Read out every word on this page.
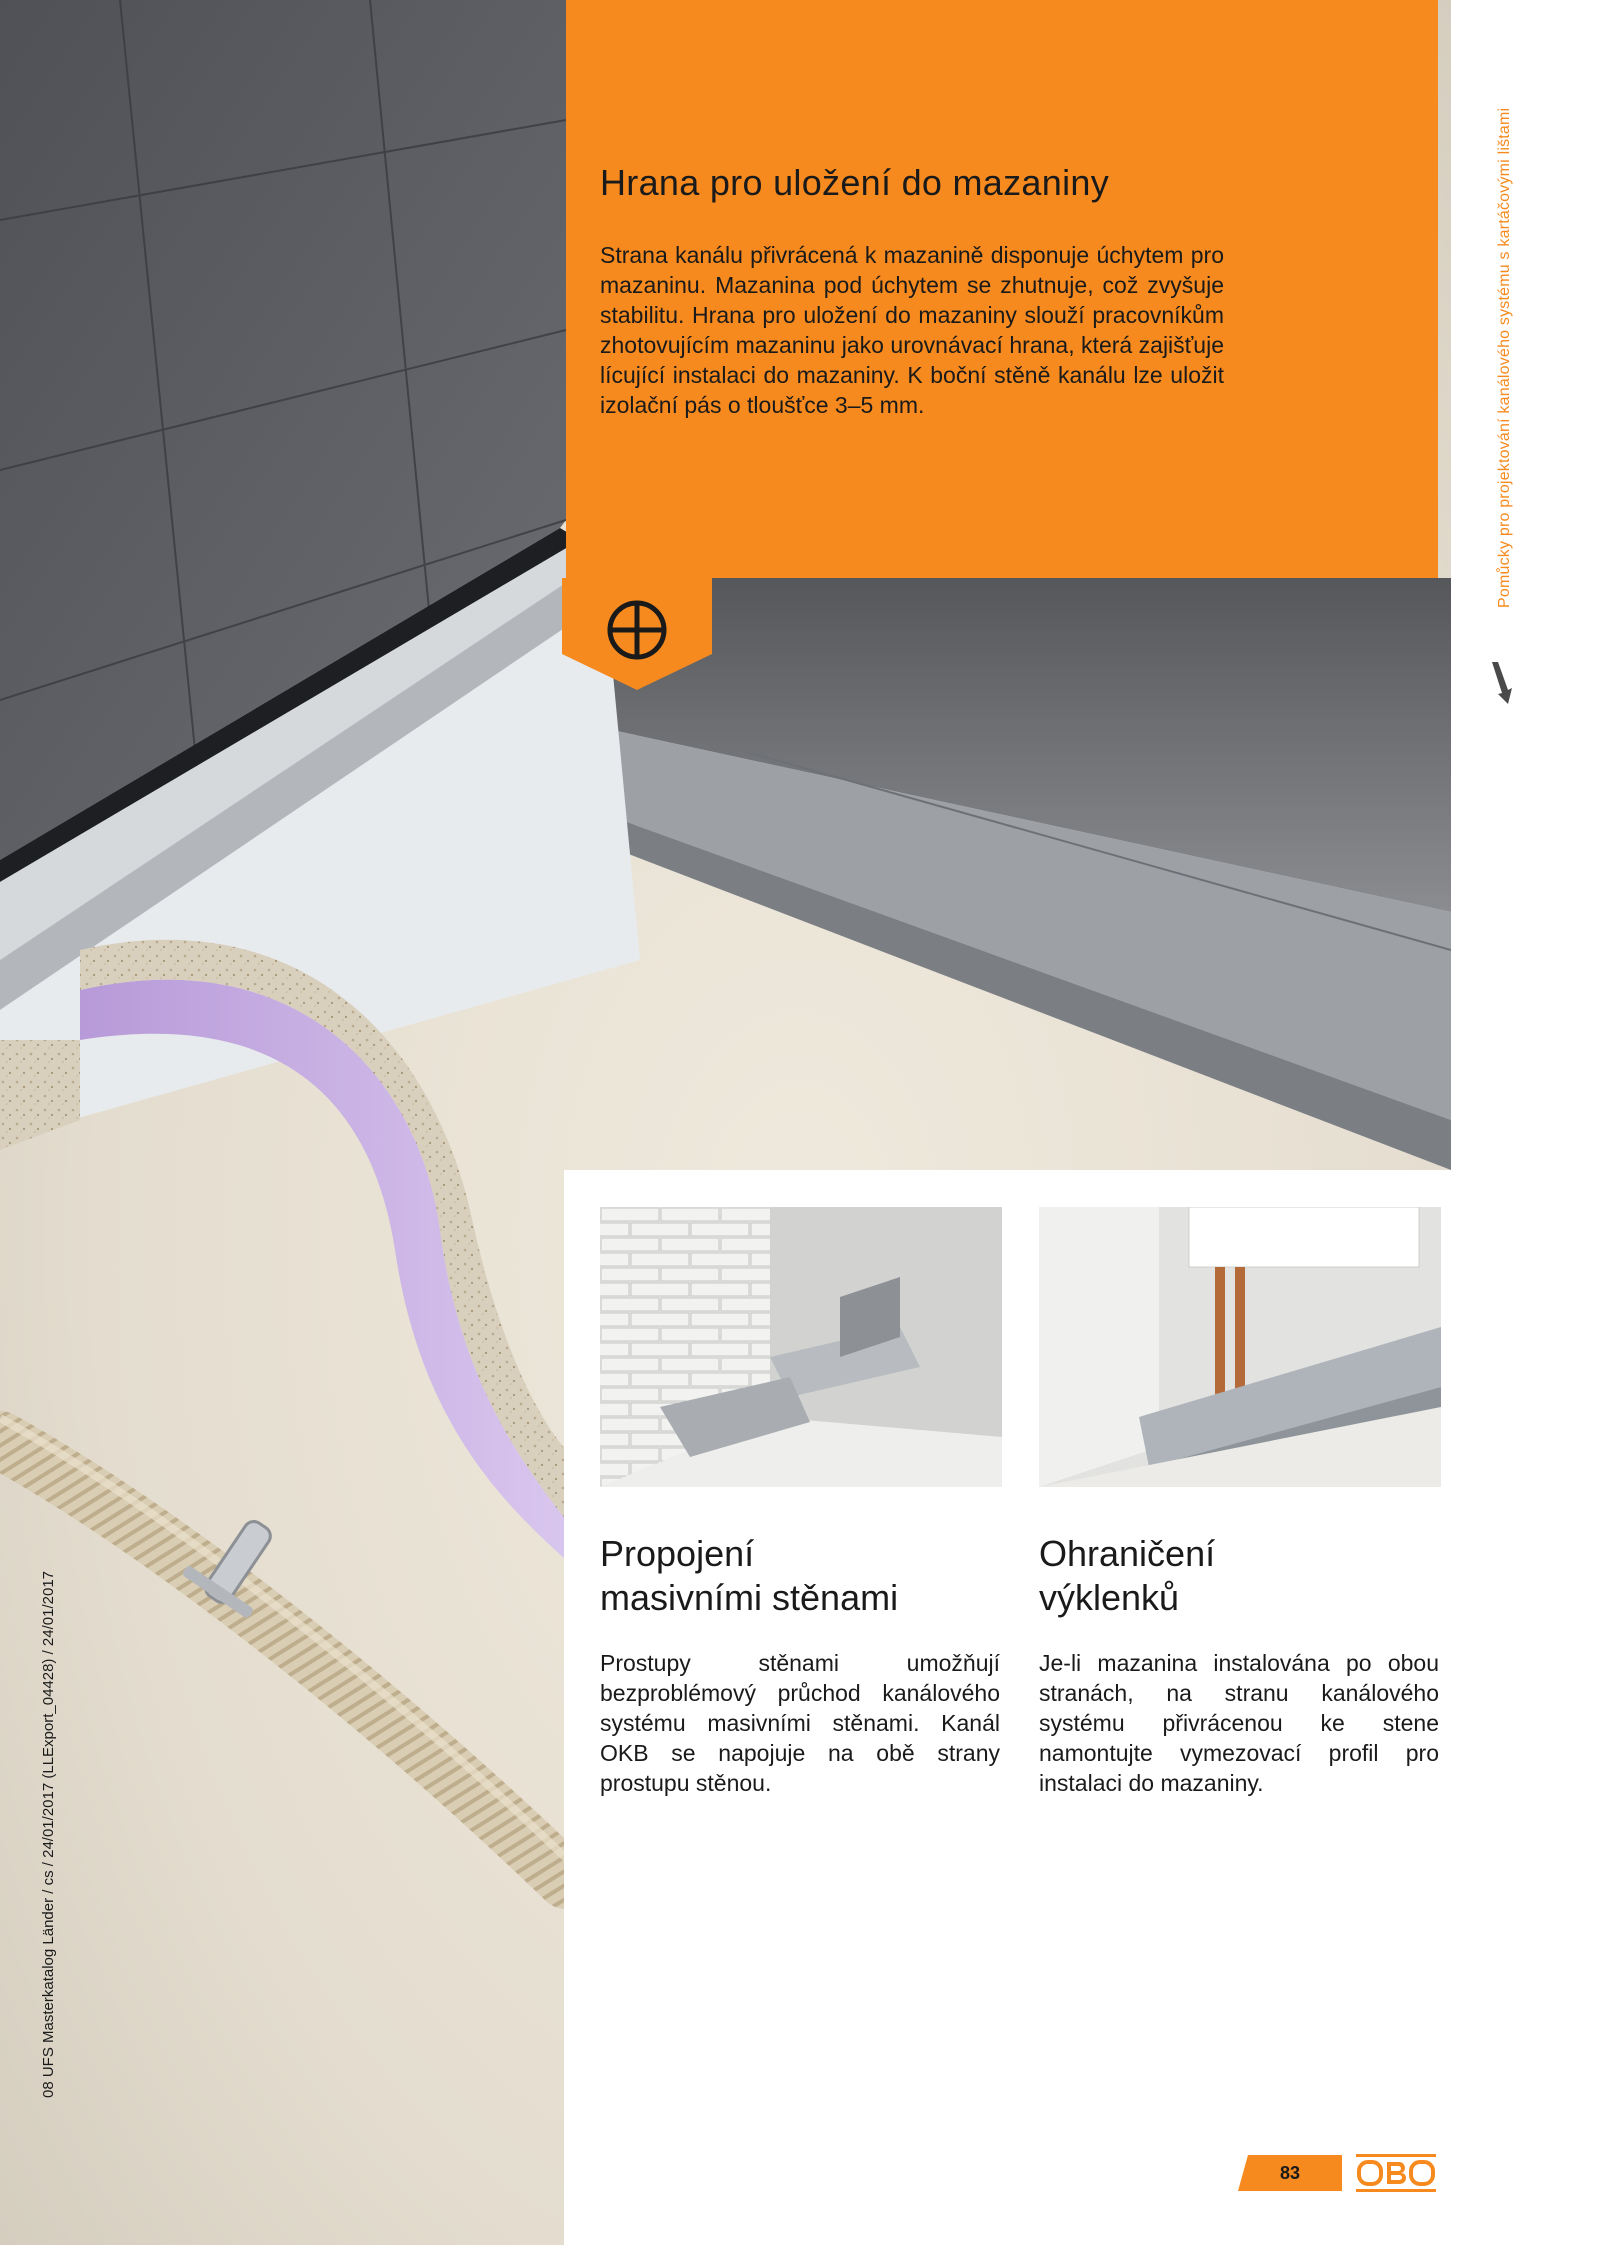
Hrana pro uložení do mazaniny

Strana kanálu přivrácená k mazanině disponuje úchytem pro mazaninu. Mazanina pod úchytem se zhutnuje, což zvyšuje stabilitu. Hrana pro uložení do mazaniny slouží pracovníkům zhotovujícím mazaninu jako urovnávací hrana, která zajišťuje lícující instalaci do mazaniny. K boční stěně kanálu lze uložit izolační pás o tloušťce 3–5 mm.	Pomůcky pro projektování kanálového systému s kartáčovými lištami
08 UFS Masterkatalog Länder / cs / 24/01/2017 (LLExport_04428) / 24/01/2017
Propojení
masivními stěnami

Prostupy stěnami umožňují bezproblémový průchod kanálového systému masivními stěnami. Kanál OKB se napojuje na obě strany prostupu stěnou.

Ohraničení
výklenků

Je-li mazanina instalována po obou stranách, na stranu kanálového systému přivrácenou ke stene namontujte vymezovací profil pro instalaci do mazaniny.

83
